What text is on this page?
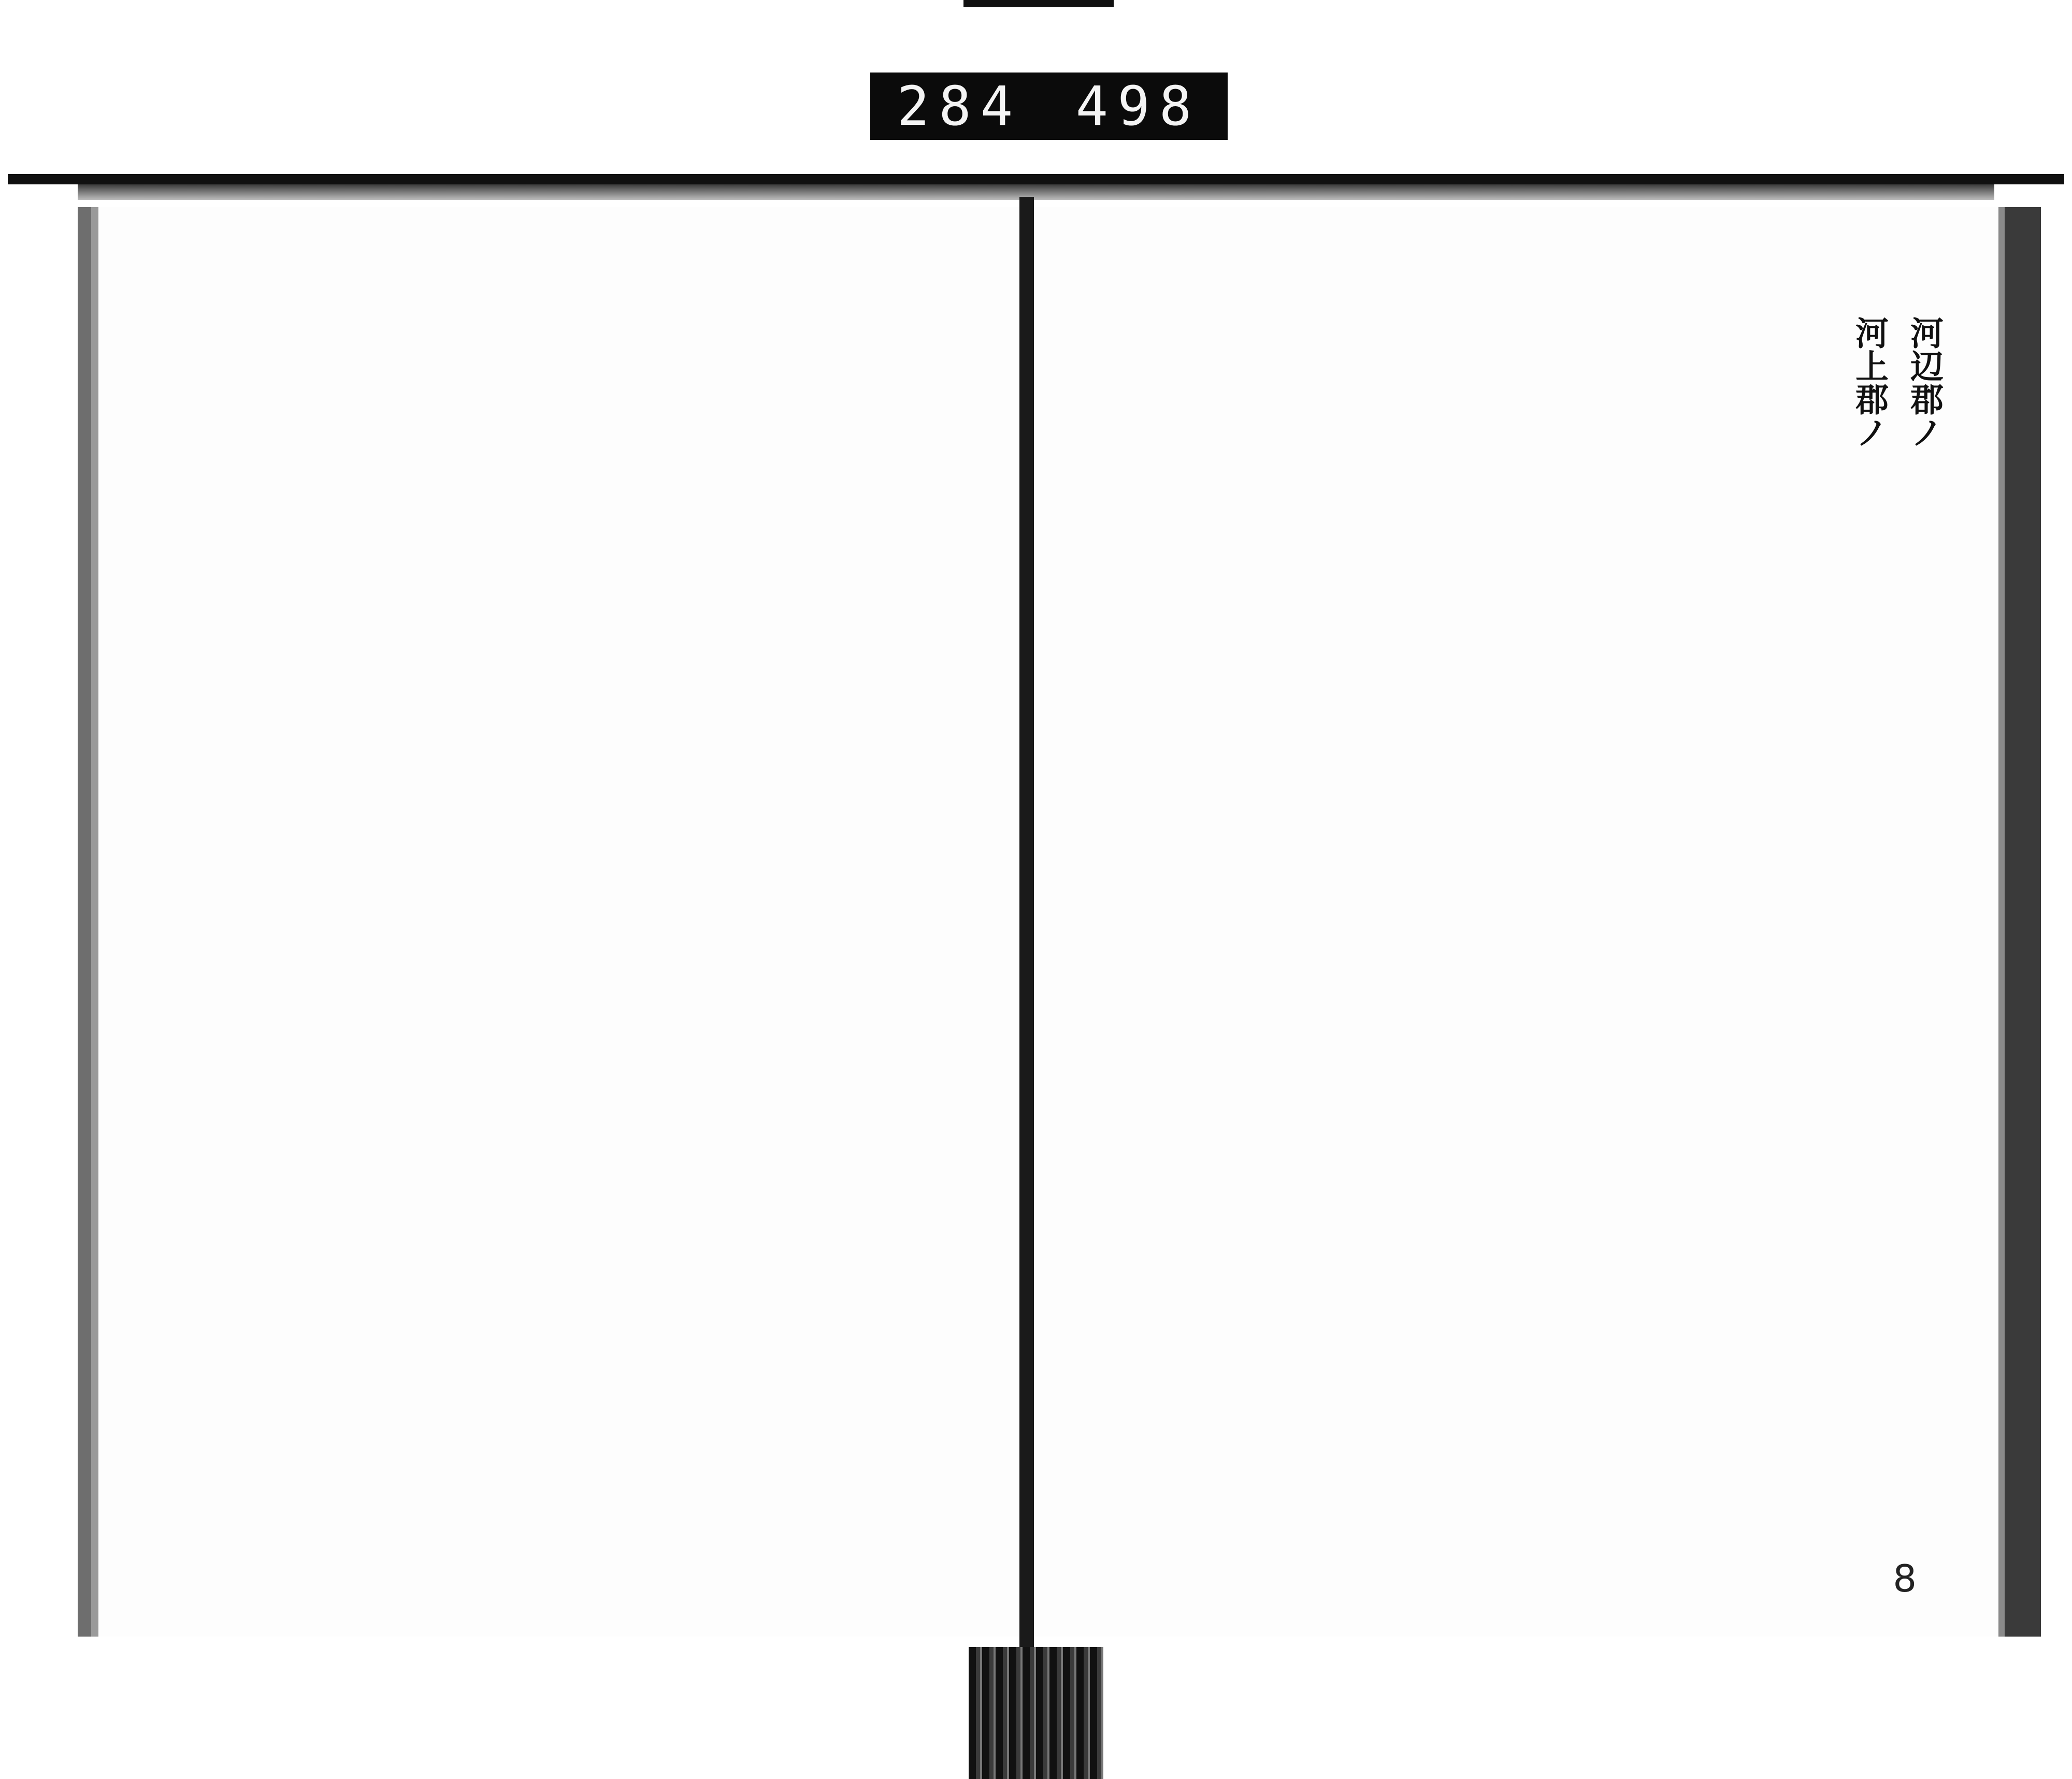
284 498
河辺郡ノ
河上郡ノ
8
